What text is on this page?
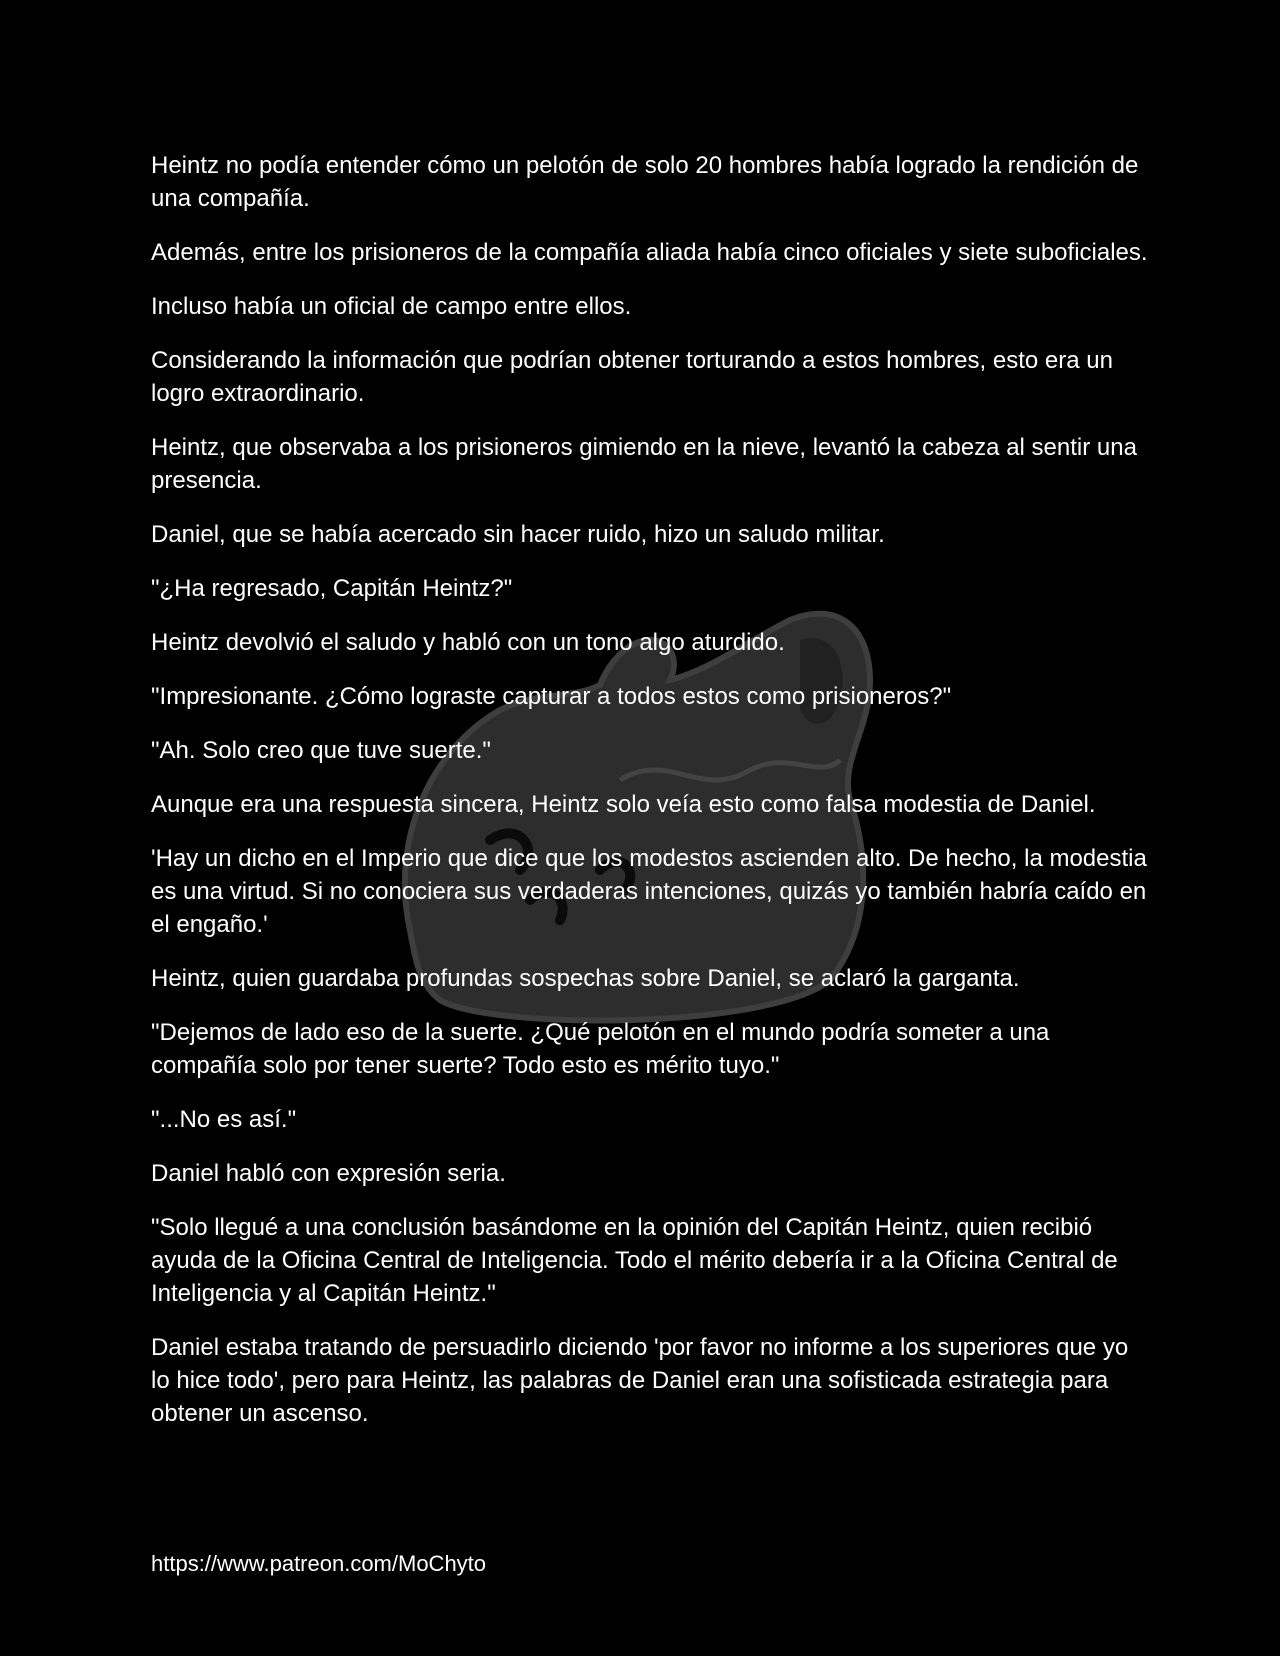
Heintz no podía entender cómo un pelotón de solo 20 hombres había logrado la rendición de una compañía.

Además, entre los prisioneros de la compañía aliada había cinco oficiales y siete suboficiales.

Incluso había un oficial de campo entre ellos.

Considerando la información que podrían obtener torturando a estos hombres, esto era un logro extraordinario.

Heintz, que observaba a los prisioneros gimiendo en la nieve, levantó la cabeza al sentir una presencia.

Daniel, que se había acercado sin hacer ruido, hizo un saludo militar.

"¿Ha regresado, Capitán Heintz?"

Heintz devolvió el saludo y habló con un tono algo aturdido.

"Impresionante. ¿Cómo lograste capturar a todos estos como prisioneros?"

"Ah. Solo creo que tuve suerte."

Aunque era una respuesta sincera, Heintz solo veía esto como falsa modestia de Daniel.

'Hay un dicho en el Imperio que dice que los modestos ascienden alto. De hecho, la modestia es una virtud. Si no conociera sus verdaderas intenciones, quizás yo también habría caído en el engaño.'

Heintz, quien guardaba profundas sospechas sobre Daniel, se aclaró la garganta.

"Dejemos de lado eso de la suerte. ¿Qué pelotón en el mundo podría someter a una compañía solo por tener suerte? Todo esto es mérito tuyo."

"...No es así."

Daniel habló con expresión seria.

"Solo llegué a una conclusión basándome en la opinión del Capitán Heintz, quien recibió ayuda de la Oficina Central de Inteligencia. Todo el mérito debería ir a la Oficina Central de Inteligencia y al Capitán Heintz."

Daniel estaba tratando de persuadirlo diciendo 'por favor no informe a los superiores que yo lo hice todo', pero para Heintz, las palabras de Daniel eran una sofisticada estrategia para obtener un ascenso.

https://www.patreon.com/MoChyto
